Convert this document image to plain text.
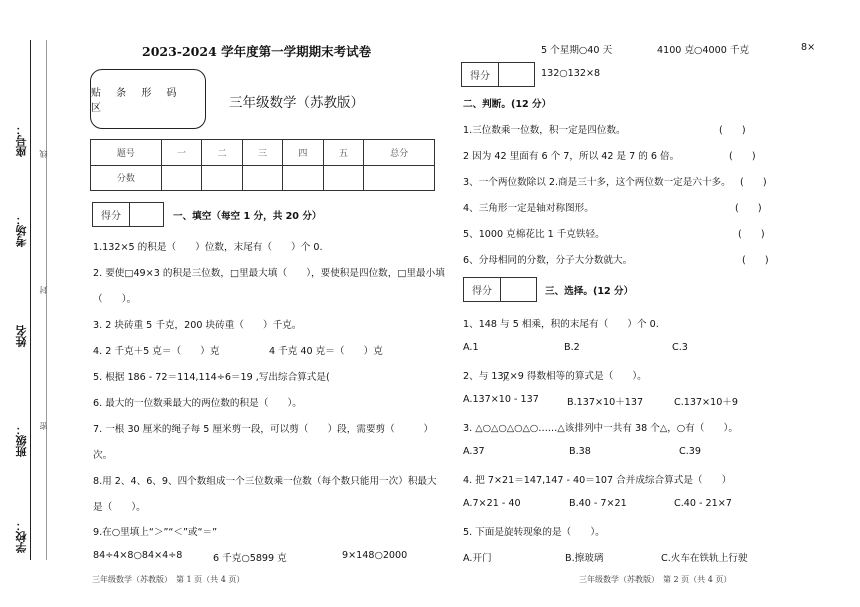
座号：
考场：
姓名
班级：
学校：
线
封
密
2023-2024 学年度第一学期期末考试卷
贴 条 形 码 区	三年级数学（苏教版）
题号	一	二	三	四	五	总分
分数						
得分	一、填空（每空 1 分，共 20 分）
1.132×5 的积是（　　）位数，末尾有（　　）个 0.
2. 要使□49×3 的积是三位数，□里最大填（　　），要使积是四位数，□里最小填
（　　）。
3. 2 块砖重 5 千克，200 块砖重（　　）千克。
4. 2 千克＋5 克＝（　　）克	4 千克 40 克＝（　　）克
5. 根据 186 - 72＝114,114÷6＝19 ,写出综合算式是(　　　　　　　　　　　　　　　　　　)。
6. 最大的一位数乘最大的两位数的积是（　　）。
7. 一根 30 厘米的绳子每 5 厘米剪一段，可以剪（　　）段，需要剪（　　　）
次。
8.用 2、4、6、9、四个数组成一个三位数乘一位数（每个数只能用一次）积最大
是（　　）。
9.在○里填上“＞”“＜”或“＝”
84÷4×8○84×4÷8	6 千克○5899 克	9×148○2000
5 个星期○40 天	4100 克○4000 千克	8×
得分	132○132×8
二、判断。(12 分）
1.三位数乘一位数，积一定是四位数。	(　　)
2 因为 42 里面有 6 个 7，所以 42 是 7 的 6 倍。	(　　)
3、一个两位数除以 2.商是三十多，这个两位数一定是六十多。 (　　)
4、三角形一定是轴对称图形。	(　　)
5、1000 克棉花比 1 千克铁轻。	(　　)
6、分母相同的分数，分子大分数就大。	(　　)
得分	三、选择。(12 分）
1、148 与 5 相乘，积的末尾有（　　）个 0.
A.1	B.2	C.3
2、与 137×9 得数相等的算式是（　　）。
A.137×10 - 137	B.137×10＋137	C.137×10＋9
3. △○△○△○△○……△该排列中一共有 38 个△，○有（　　）。
A.37	B.38	C.39
4. 把 7×21＝147,147 - 40＝107 合并成综合算式是（　　）
A.7×21 - 40	B.40 - 7×21	C.40 - 21×7
5. 下面是旋转现象的是（　　）。
A.开门	B.擦玻璃	C.火车在铁轨上行驶
三年级数学（苏教版）　第 1 页（共 4 页）	三年级数学（苏教版）　第 2 页（共 4 页）
